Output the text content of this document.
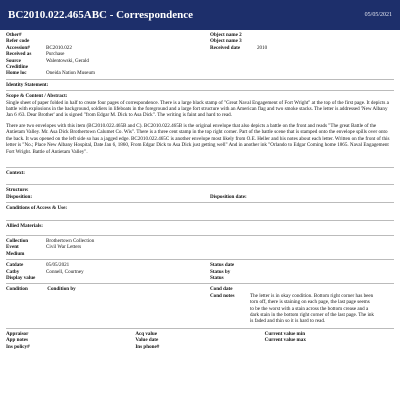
BC2010.022.465ABC - Correspondence	05/05/2021
Other#
Refer code
Accession#	BC2010.022
Received as	Purchase
Source	Walentowski, Gerald
Creditline
Home loc	Oneida Nation Museum
Object name 2
Object name 3
Received date	2010
Identity Statement:
Scope & Content / Abstract:

Single sheet of paper folded in half to create four pages of correspondence. There is a large black stamp of "Great Naval Engagement of Fort Wright" at the top of the first page. It depicts a battle with explosions in the background, soldiers in lifeboats in the foreground and a large fort structure with an American flag and two smoke stacks. The letter is addressed 'New Albany Jan 6 /63. Dear Brother' and is signed "from Edgar M. Dick to Asa Dick". The writing is faint and hard to read.

There are two envelopes with this item (BC2010.022.465B and C). BC2010.022.465B is the original envelope that also depicts a battle on the front and reads "The great Battle of the Antietam Valley. Mr. Asa Dick Brothertown Calumet Co. Wis". There is a three cent stamp in the top right corner. Part of the battle scene that is stamped onto the envelope spills over onto the back. It was opened on the left side so has a jagged edge. BC2010.022.465C is another envelope most likely from O.E. Heller and his notes about each letter. Written on the front of this letter is "No.; Place New Albany Hospital, Date Jan 6, 1860, From Edgar Dick to Asa Dick just getting well" And in another ink "Orlando to Edgar Coming home 1865. Naval Engagement Fort Wright. Battle of Antietam Valley".

Context:
Structure:
Disposition:	Disposition date:
Conditions of Access & Use:
Allied Materials:
Collection	Brothertown Collection
Event	Civil War Letters
Medium
Catdate	05/05/2021
Catby	Connell, Courtney
Display value
Status date
Status by
Status
Condition	Condition by	Cond date
Cond notes	The letter is in okay condition. Bottom right corner has been torn off, there is staining on each page, the last page seems to be the worst with a stain across the bottom crease and a dark stain in the bottom right corner of the last page. The ink is faded and thin so it is hard to read.
Appraisor	Acq value	Current value min
App notes	Value date	Current value max
Ins policy#	Ins phone#
